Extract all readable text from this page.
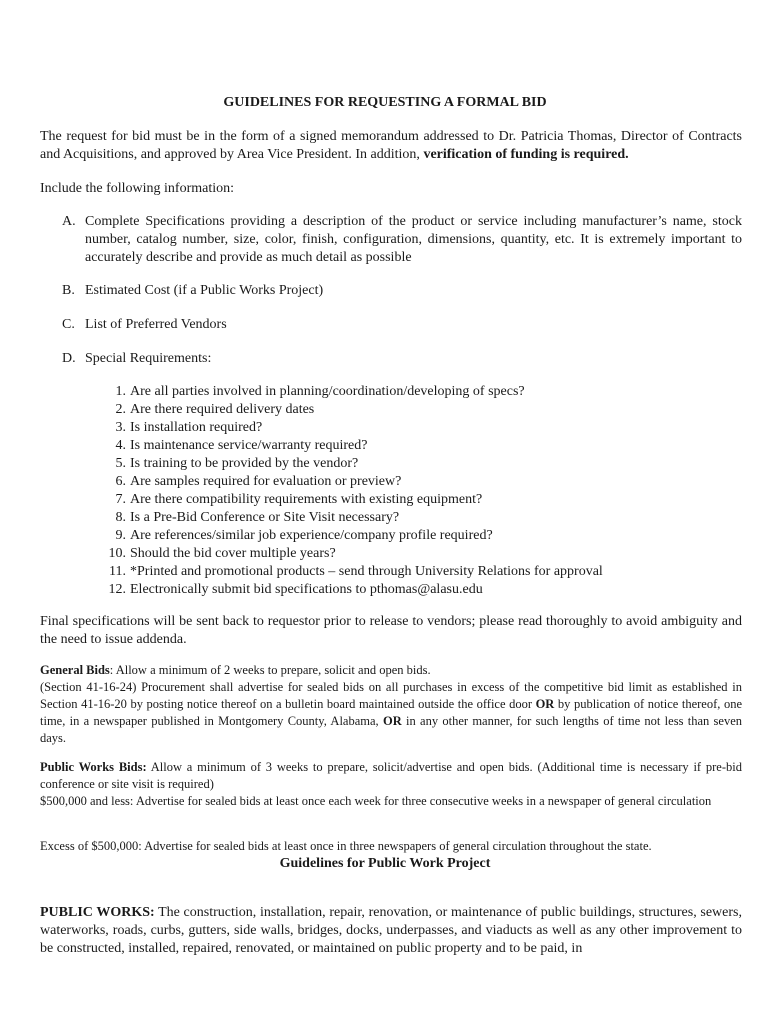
GUIDELINES FOR REQUESTING A FORMAL BID
The request for bid must be in the form of a signed memorandum addressed to Dr. Patricia Thomas, Director of Contracts and Acquisitions, and approved by Area Vice President. In addition, verification of funding is required.
Include the following information:
A. Complete Specifications providing a description of the product or service including manufacturer’s name, stock number, catalog number, size, color, finish, configuration, dimensions, quantity, etc. It is extremely important to accurately describe and provide as much detail as possible
B. Estimated Cost (if a Public Works Project)
C. List of Preferred Vendors
D. Special Requirements:
1. Are all parties involved in planning/coordination/developing of specs?
2. Are there required delivery dates
3. Is installation required?
4. Is maintenance service/warranty required?
5. Is training to be provided by the vendor?
6. Are samples required for evaluation or preview?
7. Are there compatibility requirements with existing equipment?
8. Is a Pre-Bid Conference or Site Visit necessary?
9. Are references/similar job experience/company profile required?
10. Should the bid cover multiple years?
11. *Printed and promotional products – send through University Relations for approval
12. Electronically submit bid specifications to pthomas@alasu.edu
Final specifications will be sent back to requestor prior to release to vendors; please read thoroughly to avoid ambiguity and the need to issue addenda.
General Bids: Allow a minimum of 2 weeks to prepare, solicit and open bids.
(Section 41-16-24) Procurement shall advertise for sealed bids on all purchases in excess of the competitive bid limit as established in Section 41-16-20 by posting notice thereof on a bulletin board maintained outside the office door OR by publication of notice thereof, one time, in a newspaper published in Montgomery County, Alabama, OR in any other manner, for such lengths of time not less than seven days.
Public Works Bids: Allow a minimum of 3 weeks to prepare, solicit/advertise and open bids. (Additional time is necessary if pre-bid conference or site visit is required)
$500,000 and less: Advertise for sealed bids at least once each week for three consecutive weeks in a newspaper of general circulation
Excess of $500,000: Advertise for sealed bids at least once in three newspapers of general circulation throughout the state.
Guidelines for Public Work Project
PUBLIC WORKS: The construction, installation, repair, renovation, or maintenance of public buildings, structures, sewers, waterworks, roads, curbs, gutters, side walls, bridges, docks, underpasses, and viaducts as well as any other improvement to be constructed, installed, repaired, renovated, or maintained on public property and to be paid, in
